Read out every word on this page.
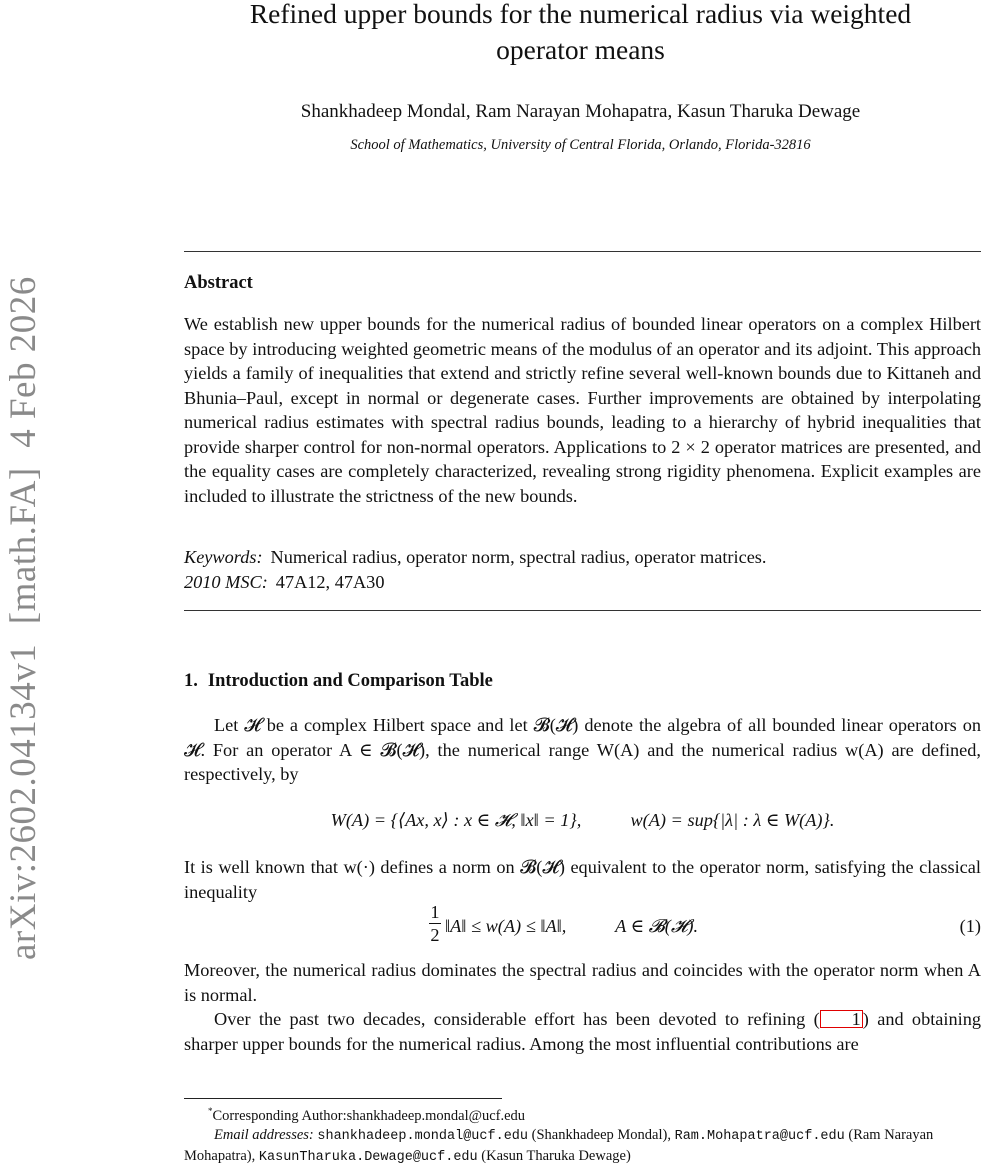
arXiv:2602.04134v1  [math.FA]  4 Feb 2026
Refined upper bounds for the numerical radius via weighted
operator means
Shankhadeep Mondal, Ram Narayan Mohapatra, Kasun Tharuka Dewage
School of Mathematics, University of Central Florida, Orlando, Florida-32816
Abstract
We establish new upper bounds for the numerical radius of bounded linear operators on a complex Hilbert space by introducing weighted geometric means of the modulus of an operator and its adjoint. This approach yields a family of inequalities that extend and strictly refine several well-known bounds due to Kittaneh and Bhunia–Paul, except in normal or degenerate cases. Further improvements are obtained by interpolating numerical radius estimates with spectral radius bounds, leading to a hierarchy of hybrid inequalities that provide sharper control for non-normal operators. Applications to 2 × 2 operator matrices are presented, and the equality cases are completely characterized, revealing strong rigidity phenomena. Explicit examples are included to illustrate the strictness of the new bounds.
Keywords: Numerical radius, operator norm, spectral radius, operator matrices.
2010 MSC: 47A12, 47A30
1. Introduction and Comparison Table
Let 𝓗 be a complex Hilbert space and let 𝓑(𝓗) denote the algebra of all bounded linear operators on 𝓗. For an operator A ∈ 𝓑(𝓗), the numerical range W(A) and the numerical radius w(A) are defined, respectively, by
W(A) = {⟨Ax, x⟩ : x ∈ 𝓗, ‖x‖ = 1},	w(A) = sup{|λ| : λ ∈ W(A)}.
It is well known that w(·) defines a norm on 𝓑(𝓗) equivalent to the operator norm, satisfying the classical inequality
1
2 ‖A‖ ≤ w(A) ≤ ‖A‖,	A ∈ 𝓑(𝓗).	(1)
Moreover, the numerical radius dominates the spectral radius and coincides with the operator norm when A is normal.
Over the past two decades, considerable effort has been devoted to refining ( 1 ) and obtaining sharper upper bounds for the numerical radius. Among the most influential contributions are
*Corresponding Author:shankhadeep.mondal@ucf.edu
Email addresses: shankhadeep.mondal@ucf.edu (Shankhadeep Mondal), Ram.Mohapatra@ucf.edu (Ram Narayan Mohapatra), KasunTharuka.Dewage@ucf.edu (Kasun Tharuka Dewage)
